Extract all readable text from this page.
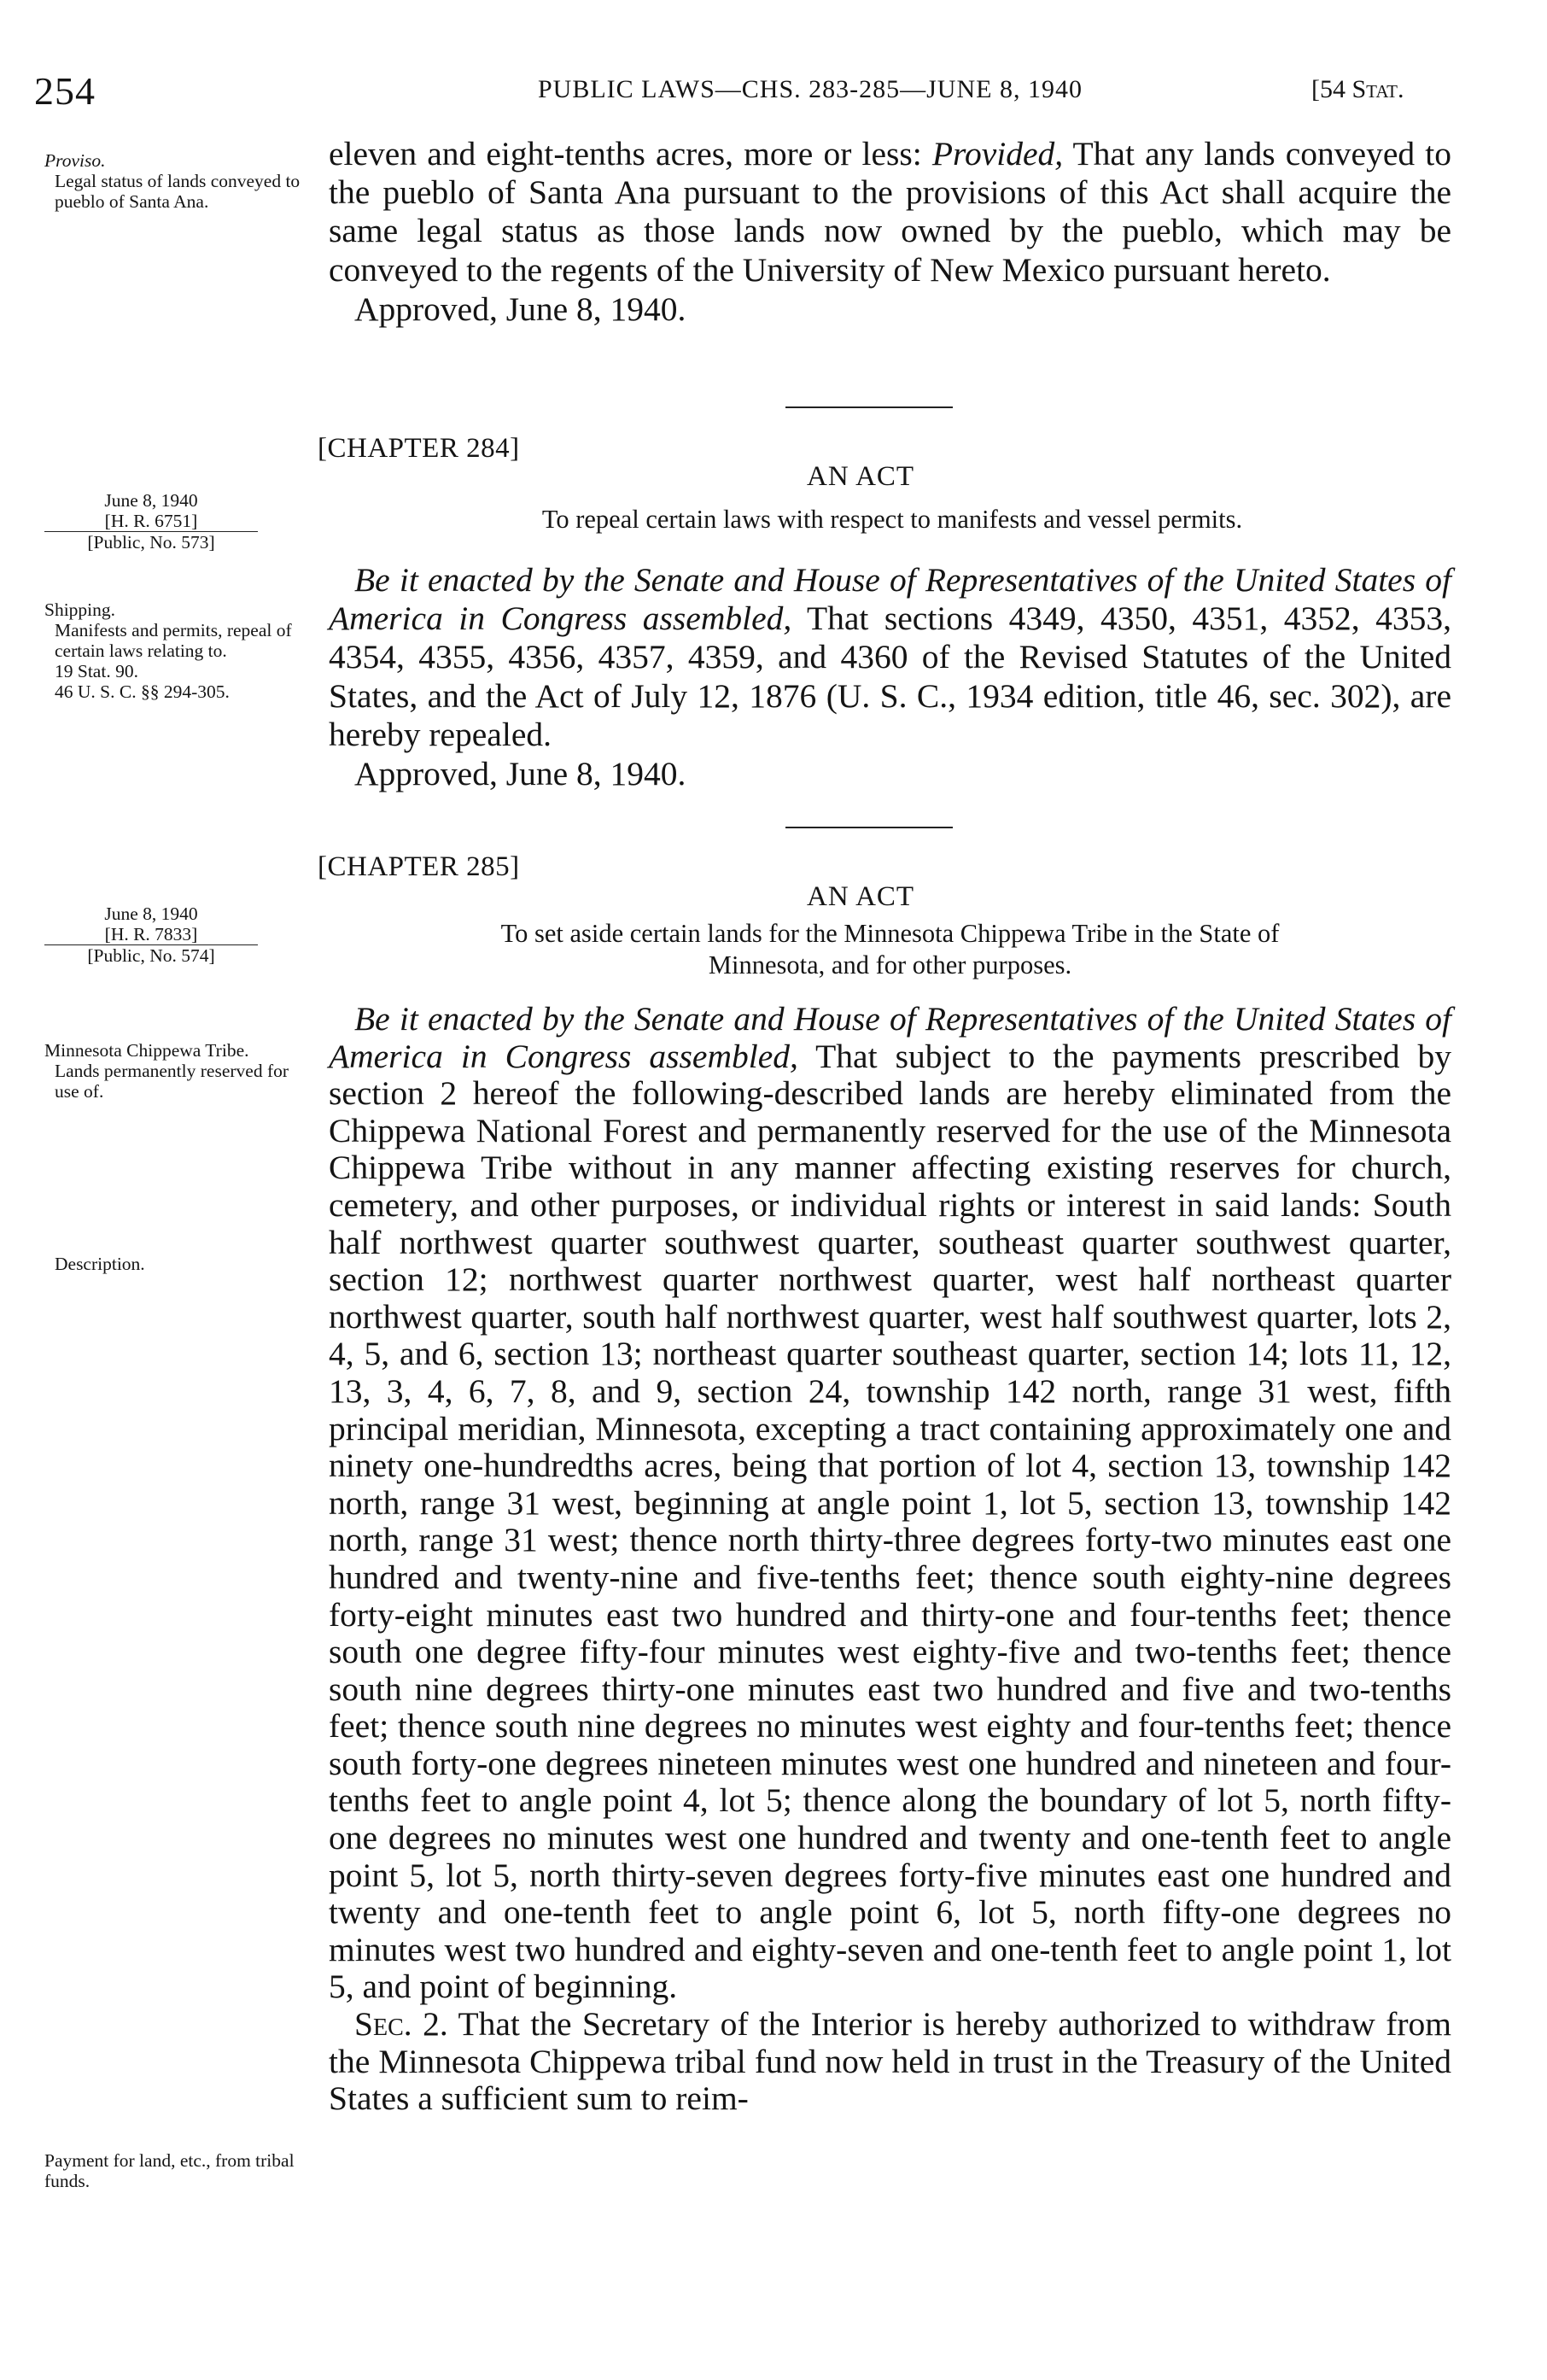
254	PUBLIC LAWS—CHS. 283-285—JUNE 8, 1940	[54 Stat.
Proviso.
Legal status of lands conveyed to pueblo of Santa Ana.

eleven and eight-tenths acres, more or less: Provided, That any lands conveyed to the pueblo of Santa Ana pursuant to the provisions of this Act shall acquire the same legal status as those lands now owned by the pueblo, which may be conveyed to the regents of the University of New Mexico pursuant hereto.

Approved, June 8, 1940.

[CHAPTER 284]
AN ACT
To repeal certain laws with respect to manifests and vessel permits.
June 8, 1940
[H. R. 6751]
[Public, No. 573]
Shipping.
Manifests and permits, repeal of certain laws relating to.
19 Stat. 90.
46 U. S. C. §§ 294-305.

Be it enacted by the Senate and House of Representatives of the United States of America in Congress assembled, That sections 4349, 4350, 4351, 4352, 4353, 4354, 4355, 4356, 4357, 4359, and 4360 of the Revised Statutes of the United States, and the Act of July 12, 1876 (U. S. C., 1934 edition, title 46, sec. 302), are hereby repealed.

Approved, June 8, 1940.

[CHAPTER 285]
AN ACT
To set aside certain lands for the Minnesota Chippewa Tribe in the State of
Minnesota, and for other purposes.
June 8, 1940
[H. R. 7833]
[Public, No. 574]
Minnesota Chippewa Tribe.
Lands permanently reserved for use of.
Description.
Payment for land, etc., from tribal funds.

Be it enacted by the Senate and House of Representatives of the United States of America in Congress assembled, That subject to the payments prescribed by section 2 hereof the following-described lands are hereby eliminated from the Chippewa National Forest and permanently reserved for the use of the Minnesota Chippewa Tribe without in any manner affecting existing reserves for church, cemetery, and other purposes, or individual rights or interest in said lands: South half northwest quarter southwest quarter, southeast quarter southwest quarter, section 12; northwest quarter northwest quarter, west half northeast quarter northwest quarter, south half northwest quarter, west half southwest quarter, lots 2, 4, 5, and 6, section 13; northeast quarter southeast quarter, section 14; lots 11, 12, 13, 3, 4, 6, 7, 8, and 9, section 24, township 142 north, range 31 west, fifth principal meridian, Minnesota, excepting a tract containing approximately one and ninety one-hundredths acres, being that portion of lot 4, section 13, township 142 north, range 31 west, beginning at angle point 1, lot 5, section 13, township 142 north, range 31 west; thence north thirty-three degrees forty-two minutes east one hundred and twenty-nine and five-tenths feet; thence south eighty-nine degrees forty-eight minutes east two hundred and thirty-one and four-tenths feet; thence south one degree fifty-four minutes west eighty-five and two-tenths feet; thence south nine degrees thirty-one minutes east two hundred and five and two-tenths feet; thence south nine degrees no minutes west eighty and four-tenths feet; thence south forty-one degrees nineteen minutes west one hundred and nineteen and four-tenths feet to angle point 4, lot 5; thence along the boundary of lot 5, north fifty-one degrees no minutes west one hundred and twenty and one-tenth feet to angle point 5, lot 5, north thirty-seven degrees forty-five minutes east one hundred and twenty and one-tenth feet to angle point 6, lot 5, north fifty-one degrees no minutes west two hundred and eighty-seven and one-tenth feet to angle point 1, lot 5, and point of beginning.

Sec. 2. That the Secretary of the Interior is hereby authorized to withdraw from the Minnesota Chippewa tribal fund now held in trust in the Treasury of the United States a sufficient sum to reim-
